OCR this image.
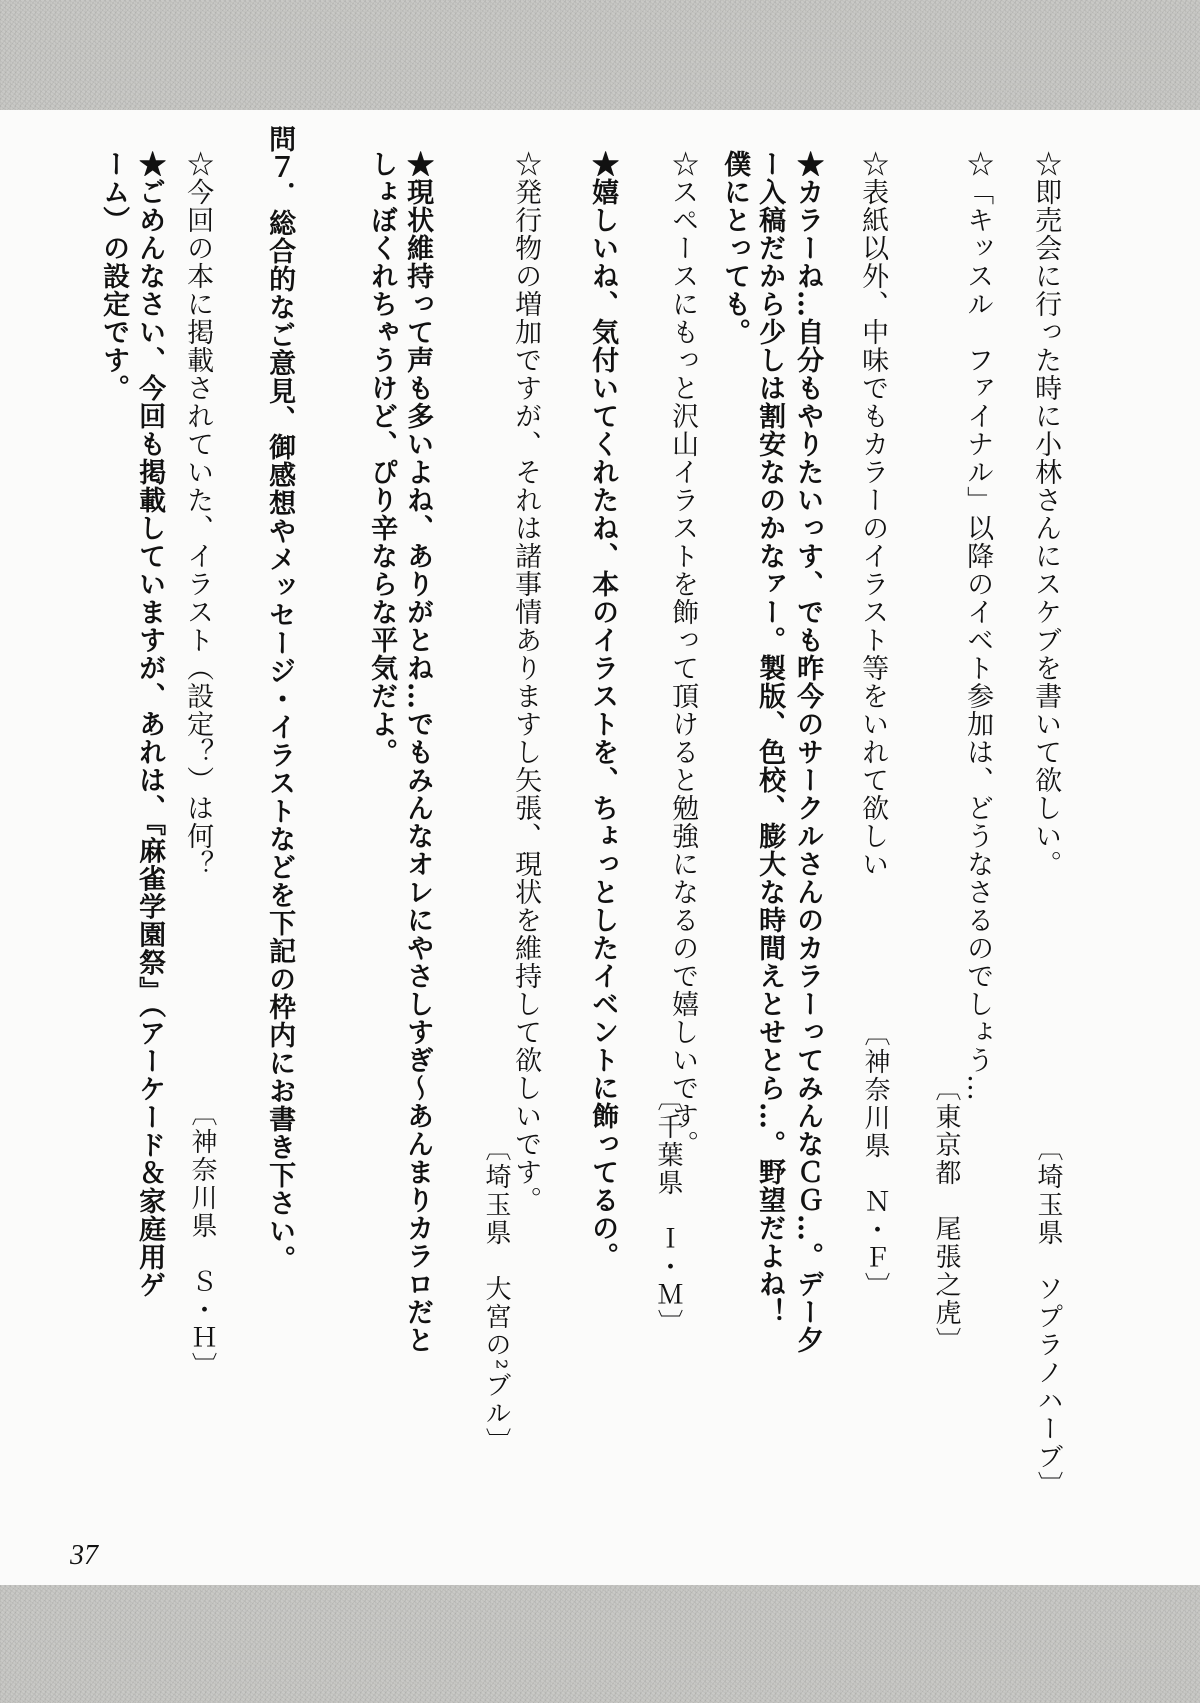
☆即売会に行った時に小林さんにスケブを書いて欲しい。
☆「キッスル　ファイナル」以降のイベト参加は、どうなさるのでしょう…
☆表紙以外、中味でもカラーのイラスト等をいれて欲しい
★カラーね…自分もやりたいっす、でも昨今のサークルさんのカラーってみんなＣＧ…。デー夕
ー入稿だから少しは割安なのかなァー。製版、色校、膨大な時間えとせとら…。野望だよね！
僕にとっても。
☆スペースにもっと沢山イラストを飾って頂けると勉強になるので嬉しいです。
★嬉しいね、気付いてくれたね、本のイラストを、ちょっとしたイベントに飾ってるの。
☆発行物の増加ですが、それは諸事情ありますし矢張、現状を維持して欲しいです。
★現状維持って声も多いよね、ありがとね…でもみんなオレにやさしすぎ～あんまりカラロだと
しょぼくれちゃうけど、ぴり辛ならな平気だよ。
問７．総合的なご意見、御感想やメッセージ・イラストなどを下記の枠内にお書き下さい。
☆今回の本に掲載されていた、イラスト（設定？）は何？
★ごめんなさい、今回も掲載していますが、あれは、『麻雀学園祭』（アーケード＆家庭用ゲ
ーム）の設定です。
〔埼玉県　ソプラノハーブ〕
〔東京都　尾張之虎〕
〔神奈川県　Ｎ・Ｆ〕
〔千葉県　Ｉ・Ｍ〕
〔埼玉県　大宮の²ブル〕
〔神奈川県　Ｓ・Ｈ〕
37
